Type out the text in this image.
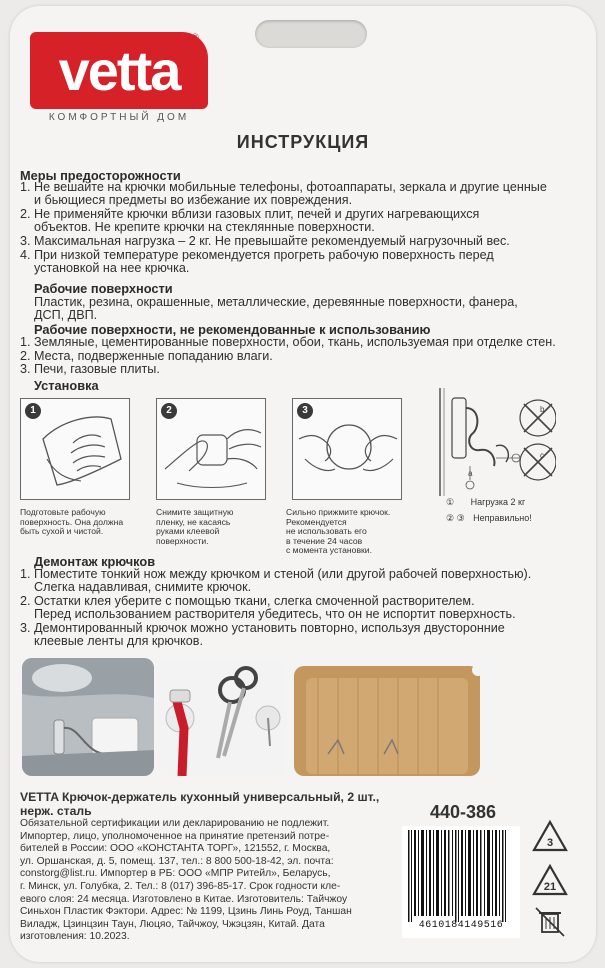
vetta
®
КОМФОРТНЫЙ ДОМ
ИНСТРУКЦИЯ
Меры предосторожности
1. Не вешайте на крючки мобильные телефоны, фотоаппараты, зеркала и другие ценные
и бьющиеся предметы во избежание их повреждения.
2. Не применяйте крючки вблизи газовых плит, печей и других нагревающихся
объектов. Не крепите крючки на стеклянные поверхности.
3. Максимальная нагрузка – 2 кг. Не превышайте рекомендуемый нагрузочный вес.
4. При низкой температуре рекомендуется прогреть рабочую поверхность перед
установкой на нее крючка.
Рабочие поверхности
Пластик, резина, окрашенные, металлические, деревянные поверхности, фанера,
ДСП, ДВП.
Рабочие поверхности, не рекомендованные к использованию
1. Земляные, цементированные поверхности, обои, ткань, используемая при отделке стен.
2. Места, подверженные попаданию влаги.
3. Печи, газовые плиты.
Установка
1	2	3
Подготовьте рабочую
поверхность. Она должна
быть сухой и чистой.
Снимите защитную
пленку, не касаясь
руками клеевой
поверхности.
Сильно прижмите крючок.
Рекомендуется
не использовать его
в течение 24 часов
с момента установки.
b
c
a
① Нагрузка 2 кг
② ③ Неправильно!
Демонтаж крючков
1. Поместите тонкий нож между крючком и стеной (или другой рабочей поверхностью).
Слегка надавливая, снимите крючок.
2. Остатки клея уберите с помощью ткани, слегка смоченной растворителем.
Перед использованием растворителя убедитесь, что он не испортит поверхность.
3. Демонтированный крючок можно установить повторно, используя двусторонние
клеевые ленты для крючков.
VETTA Крючок-держатель кухонный универсальный, 2 шт.,
нерж. сталь	440-386
Обязательной сертификации или декларированию не подлежит.
Импортер, лицо, уполномоченное на принятие претензий потре-
бителей в России: ООО «КОНСТАНТА ТОРГ», 121552, г. Москва,
ул. Оршанская, д. 5, помещ. 137, тел.: 8 800 500-18-42, эл. почта:
constorg@list.ru. Импортер в РБ: ООО «МПР Ритейл», Беларусь,
г. Минск, ул. Голубка, 2. Тел.: 8 (017) 396-85-17. Срок годности кле-
евого слоя: 24 месяца. Изготовлено в Китае. Изготовитель: Тайчжоу
Синьхон Пластик Фэктори. Адрес: № 1199, Цзинь Линь Роуд, Таншан
Виладж, Цзинцзин Таун, Люцяо, Тайчжоу, Чжэцзян, Китай. Дата
изготовления: 10.2023.
4610184149516
3
21
